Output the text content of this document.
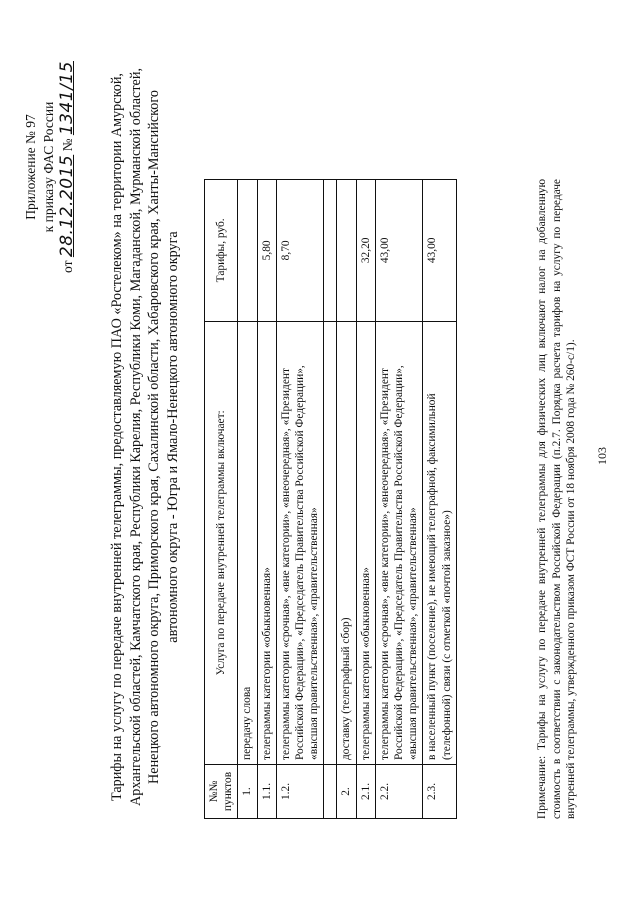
Приложение № 97 к приказу ФАС России
от 28.12.2015 № 1341/15 Тарифы на услугу по передаче внутренней телеграммы, предоставляемую ПАО «Ростелеком» на территории Амурской, Архангельской областей, Камчатского края, Республики Карелия, Республики Коми, Магаданской, Мурманской областей, Ненецкого автономного округа, Приморского края, Сахалинской области, Хабаровского края, Ханты-Мансийского автономного округа - Югра и Ямало-Ненецкого автономного округа
№№ пунктов	Услуга по передаче внутренней телеграммы включает:	Тарифы, руб.
1.	передачу слова	
1.1.	телеграммы категории «обыкновенная»	5,80
1.2.	телеграммы категории «срочная», «вне категории», «внеочередная», «Президент Российской Федерации», «Председатель Правительства Российской Федерации», «высшая правительственная», «правительственная»	8,70

2.	доставку (телеграфный сбор)	
2.1.	телеграммы категории «обыкновенная»	32,20
2.2.	телеграммы категории «срочная», «вне категории», «внеочередная», «Президент Российской Федерации», «Председатель Правительства Российской Федерации», «высшая правительственная», «правительственная»	43,00
2.3.	в населенный пункт (поселение), не имеющий телеграфной, факсимильной (телефонной) связи (с отметкой «почтой заказное»)	43,00	Примечание: Тарифы на услугу по передаче внутренней телеграммы для физических лиц включают налог на добавленную стоимость в соответствии с законодательством Российской Федерации (п.2.7. Порядка расчета тарифов на услугу по передаче внутренней телеграммы, утвержденного приказом ФСТ России от 18 ноября 2008 года № 260-с/1). 103
